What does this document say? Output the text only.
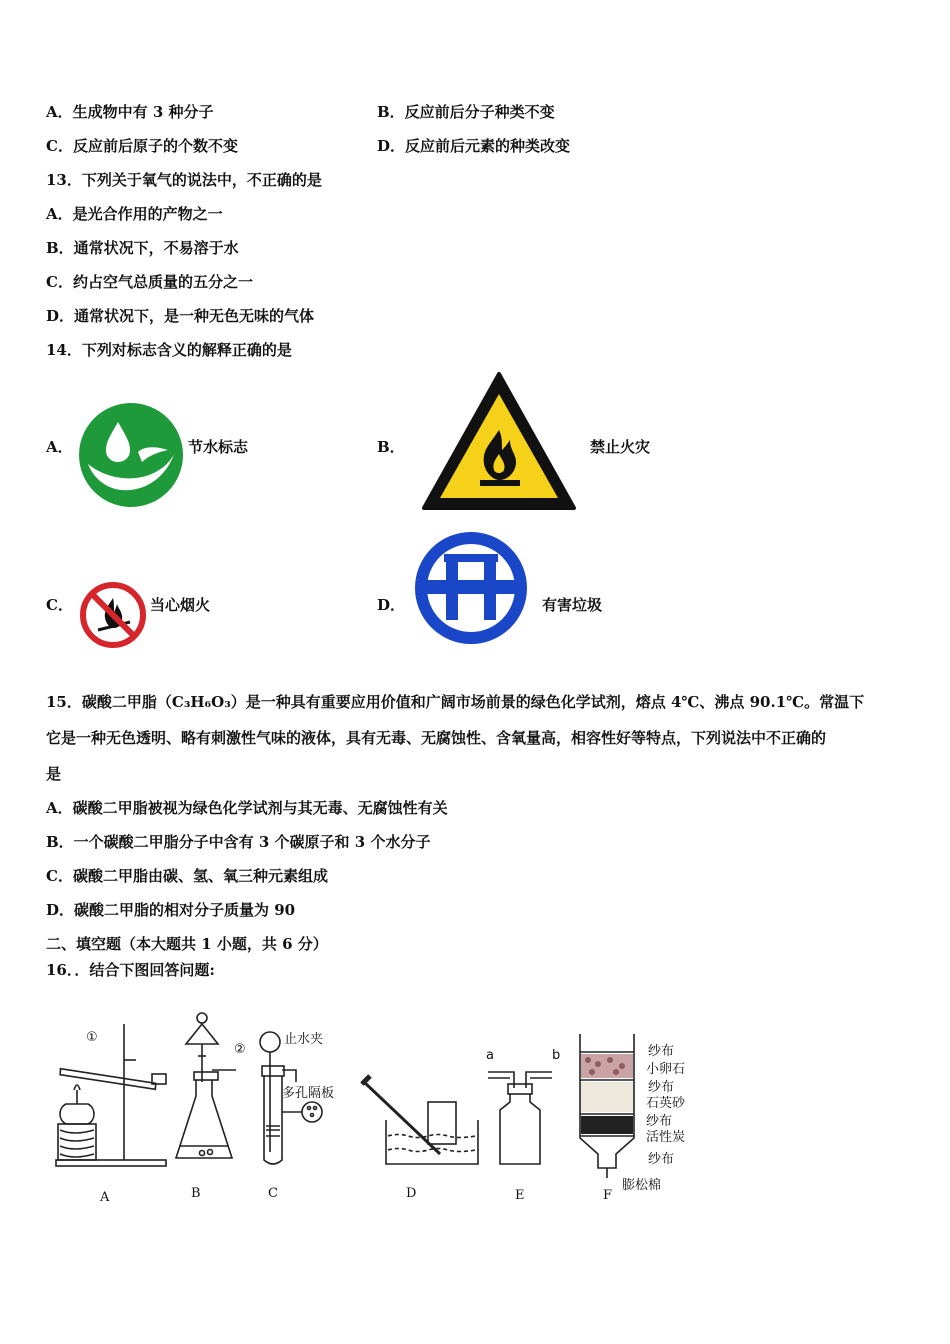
A．生成物中有 3 种分子	B．反应前后分子种类不变
C．反应前后原子的个数不变	D．反应前后元素的种类改变
13．下列关于氧气的说法中，不正确的是
A．是光合作用的产物之一
B．通常状况下，不易溶于水
C．约占空气总质量的五分之一
D．通常状况下，是一种无色无味的气体
14．下列对标志含义的解释正确的是
A．	节水标志	B．	禁止火灾
C．	当心烟火	D．	有害垃圾
15．碳酸二甲脂（C₃H₆O₃）是一种具有重要应用价值和广阔市场前景的绿色化学试剂，熔点 4℃、沸点 90.1℃。常温下
它是一种无色透明、略有刺激性气味的液体，具有无毒、无腐蚀性、含氧量高，相容性好等特点，下列说法中不正确的
是
A．碳酸二甲脂被视为绿色化学试剂与其无毒、无腐蚀性有关
B．一个碳酸二甲脂分子中含有 3 个碳原子和 3 个水分子
C．碳酸二甲脂由碳、氢、氧三种元素组成
D．碳酸二甲脂的相对分子质量为 90
二、填空题（本大题共 1 小题，共 6 分）
16．．结合下图回答问题:
①
A	B
②
止水夹
多孔隔板
C	D
a	b
E
纱布
小卵石
纱布
石英砂
纱布
活性炭
纱布
膨松棉
F
